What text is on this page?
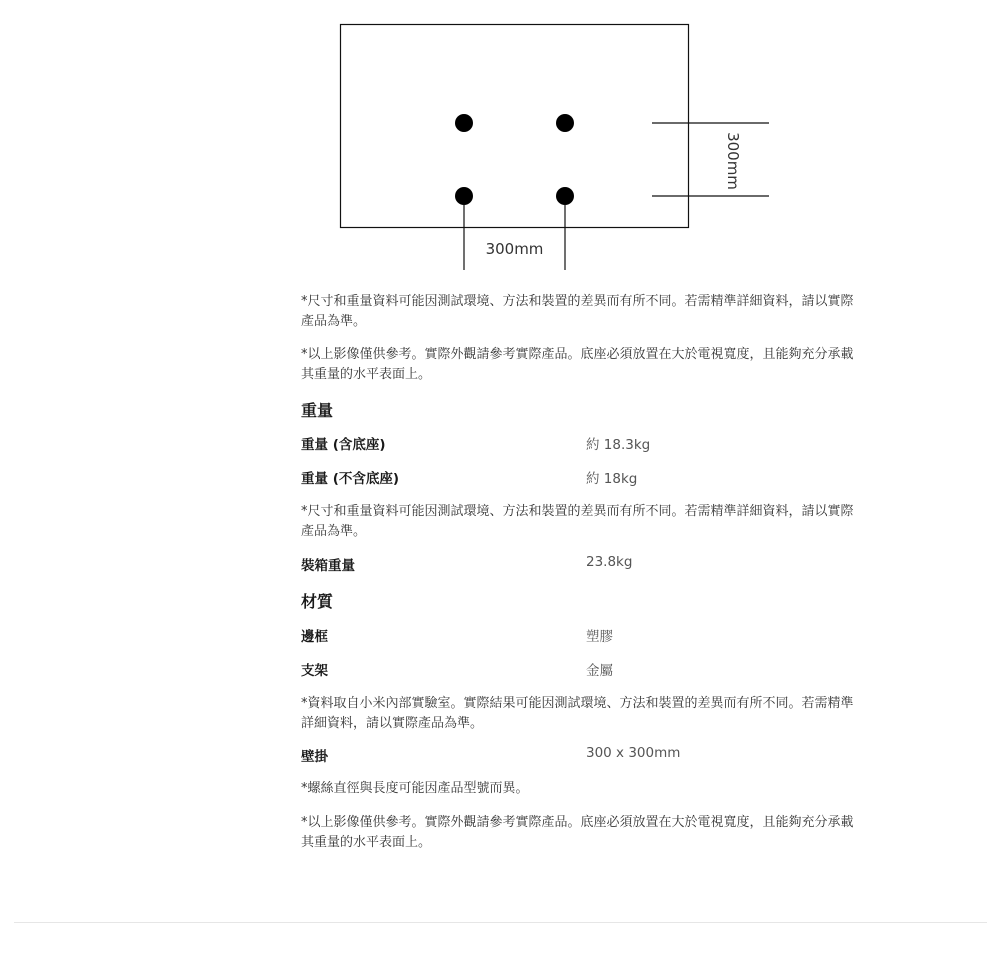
300mm
300mm
*尺寸和重量資料可能因測試環境、方法和裝置的差異而有所不同。若需精準詳細資料，請以實際產品為準。
*以上影像僅供參考。實際外觀請參考實際產品。底座必須放置在大於電視寬度，且能夠充分承載其重量的水平表面上。
重量
重量 (含底座)	約 18.3kg
重量 (不含底座)	約 18kg
*尺寸和重量資料可能因測試環境、方法和裝置的差異而有所不同。若需精準詳細資料，請以實際產品為準。
裝箱重量	23.8kg
材質
邊框	塑膠
支架	金屬
*資料取自小米內部實驗室。實際結果可能因測試環境、方法和裝置的差異而有所不同。若需精準詳細資料，請以實際產品為準。
壁掛	300 x 300mm
*螺絲直徑與長度可能因產品型號而異。
*以上影像僅供參考。實際外觀請參考實際產品。底座必須放置在大於電視寬度，且能夠充分承載其重量的水平表面上。
